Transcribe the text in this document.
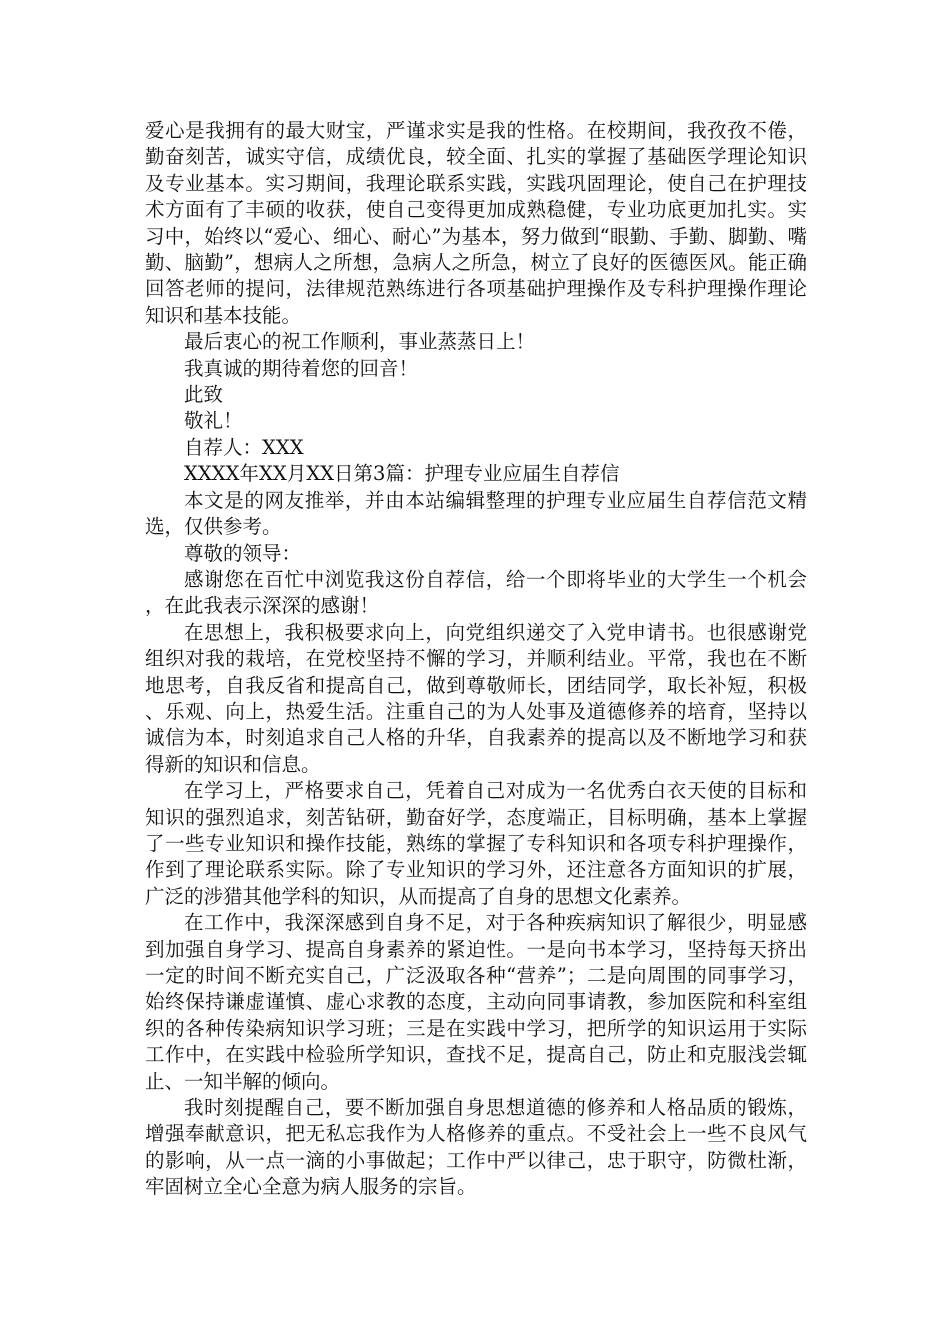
爱心是我拥有的最大财宝，严谨求实是我的性格。在校期间，我孜孜不倦，勤奋刻苦，诚实守信，成绩优良，较全面、扎实的掌握了基础医学理论知识及专业基本。实习期间，我理论联系实践，实践巩固理论，使自己在护理技术方面有了丰硕的收获，使自己变得更加成熟稳健，专业功底更加扎实。实习中，始终以“爱心、细心、耐心”为基本，努力做到“眼勤、手勤、脚勤、嘴勤、脑勤”，想病人之所想，急病人之所急，树立了良好的医德医风。能正确回答老师的提问，法律规范熟练进行各项基础护理操作及专科护理操作理论知识和基本技能。

最后衷心的祝工作顺利，事业蒸蒸日上！

我真诚的期待着您的回音！

此致

敬礼！

自荐人：XXX

XXXX年XX月XX日第3篇：护理专业应届生自荐信

本文是的网友推举，并由本站编辑整理的护理专业应届生自荐信范文精选，仅供参考。

尊敬的领导：

感谢您在百忙中浏览我这份自荐信，给一个即将毕业的大学生一个机会，在此我表示深深的感谢！

在思想上，我积极要求向上，向党组织递交了入党申请书。也很感谢党组织对我的栽培，在党校坚持不懈的学习，并顺利结业。平常，我也在不断地思考，自我反省和提高自己，做到尊敬师长，团结同学，取长补短，积极、乐观、向上，热爱生活。注重自己的为人处事及道德修养的培育，坚持以诚信为本，时刻追求自己人格的升华，自我素养的提高以及不断地学习和获得新的知识和信息。

在学习上，严格要求自己，凭着自己对成为一名优秀白衣天使的目标和知识的强烈追求，刻苦钻研，勤奋好学，态度端正，目标明确，基本上掌握了一些专业知识和操作技能，熟练的掌握了专科知识和各项专科护理操作，作到了理论联系实际。除了专业知识的学习外，还注意各方面知识的扩展，广泛的涉猎其他学科的知识，从而提高了自身的思想文化素养。

在工作中，我深深感到自身不足，对于各种疾病知识了解很少，明显感到加强自身学习、提高自身素养的紧迫性。一是向书本学习，坚持每天挤出一定的时间不断充实自己，广泛汲取各种“营养”；二是向周围的同事学习，始终保持谦虚谨慎、虚心求教的态度，主动向同事请教，参加医院和科室组织的各种传染病知识学习班；三是在实践中学习，把所学的知识运用于实际工作中，在实践中检验所学知识，查找不足，提高自己，防止和克服浅尝辄止、一知半解的倾向。

我时刻提醒自己，要不断加强自身思想道德的修养和人格品质的锻炼，增强奉献意识，把无私忘我作为人格修养的重点。不受社会上一些不良风气的影响，从一点一滴的小事做起；工作中严以律己，忠于职守，防微杜渐，牢固树立全心全意为病人服务的宗旨。
